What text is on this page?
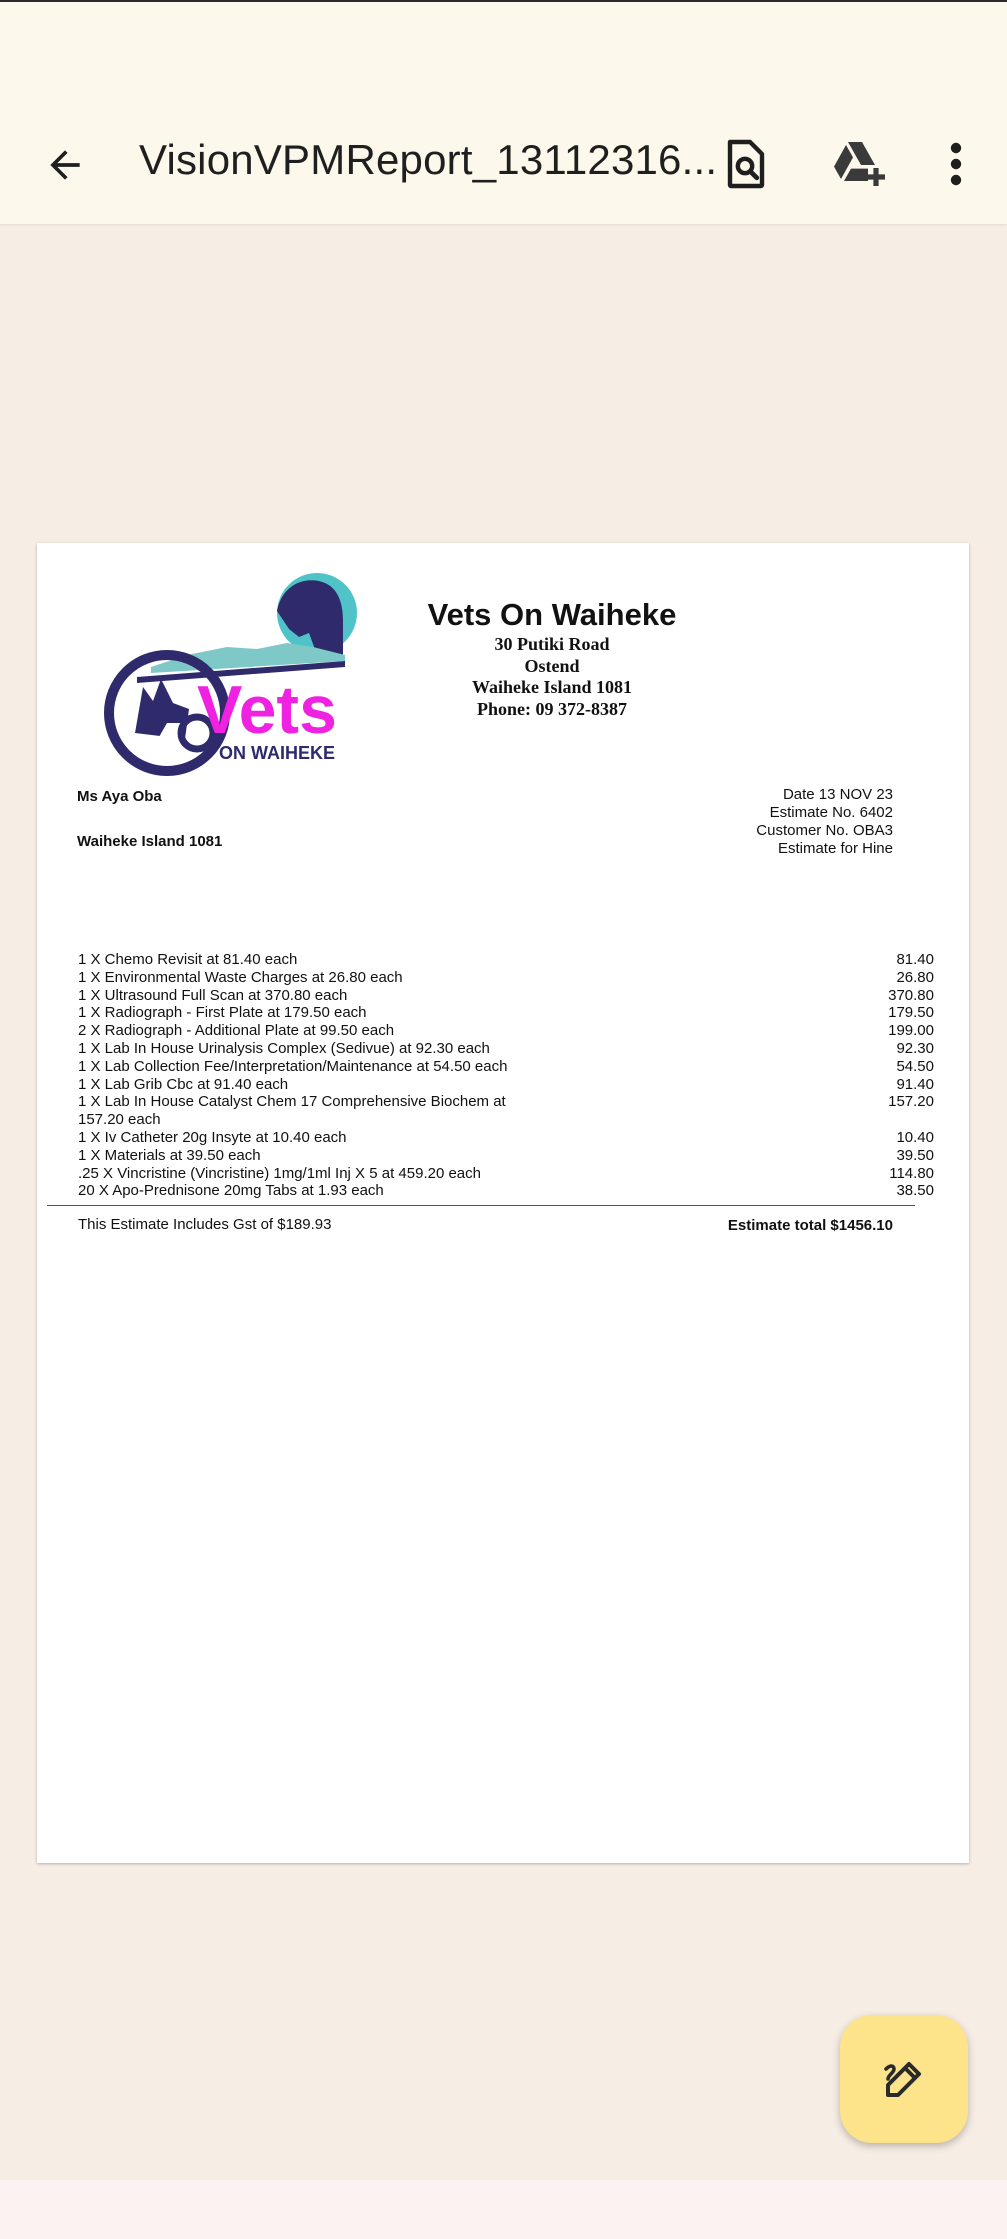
VisionVPMReport_13112316...
Vets
ON WAIHEKE
Vets On Waiheke
30 Putiki Road
Ostend
Waiheke Island 1081
Phone: 09 372-8387
Ms Aya Oba
Waiheke Island 1081
Date 13 NOV 23
Estimate No. 6402
Customer No. OBA3
Estimate for Hine
1 X Chemo Revisit at 81.40 each	81.40
1 X Environmental Waste Charges at 26.80 each	26.80
1 X Ultrasound Full Scan at 370.80 each	370.80
1 X Radiograph - First Plate at 179.50 each	179.50
2 X Radiograph - Additional Plate at 99.50 each	199.00
1 X Lab In House Urinalysis Complex (Sedivue) at 92.30 each	92.30
1 X Lab Collection Fee/Interpretation/Maintenance at 54.50 each	54.50
1 X Lab Grib Cbc at 91.40 each	91.40
1 X Lab In House Catalyst Chem 17 Comprehensive Biochem at 157.20 each
157.20
1 X Iv Catheter 20g Insyte at 10.40 each	10.40
1 X Materials at 39.50 each	39.50
.25 X Vincristine (Vincristine) 1mg/1ml Inj X 5 at 459.20 each	114.80
20 X Apo-Prednisone 20mg Tabs at 1.93 each	38.50
This Estimate Includes Gst of $189.93	Estimate total $1456.10
